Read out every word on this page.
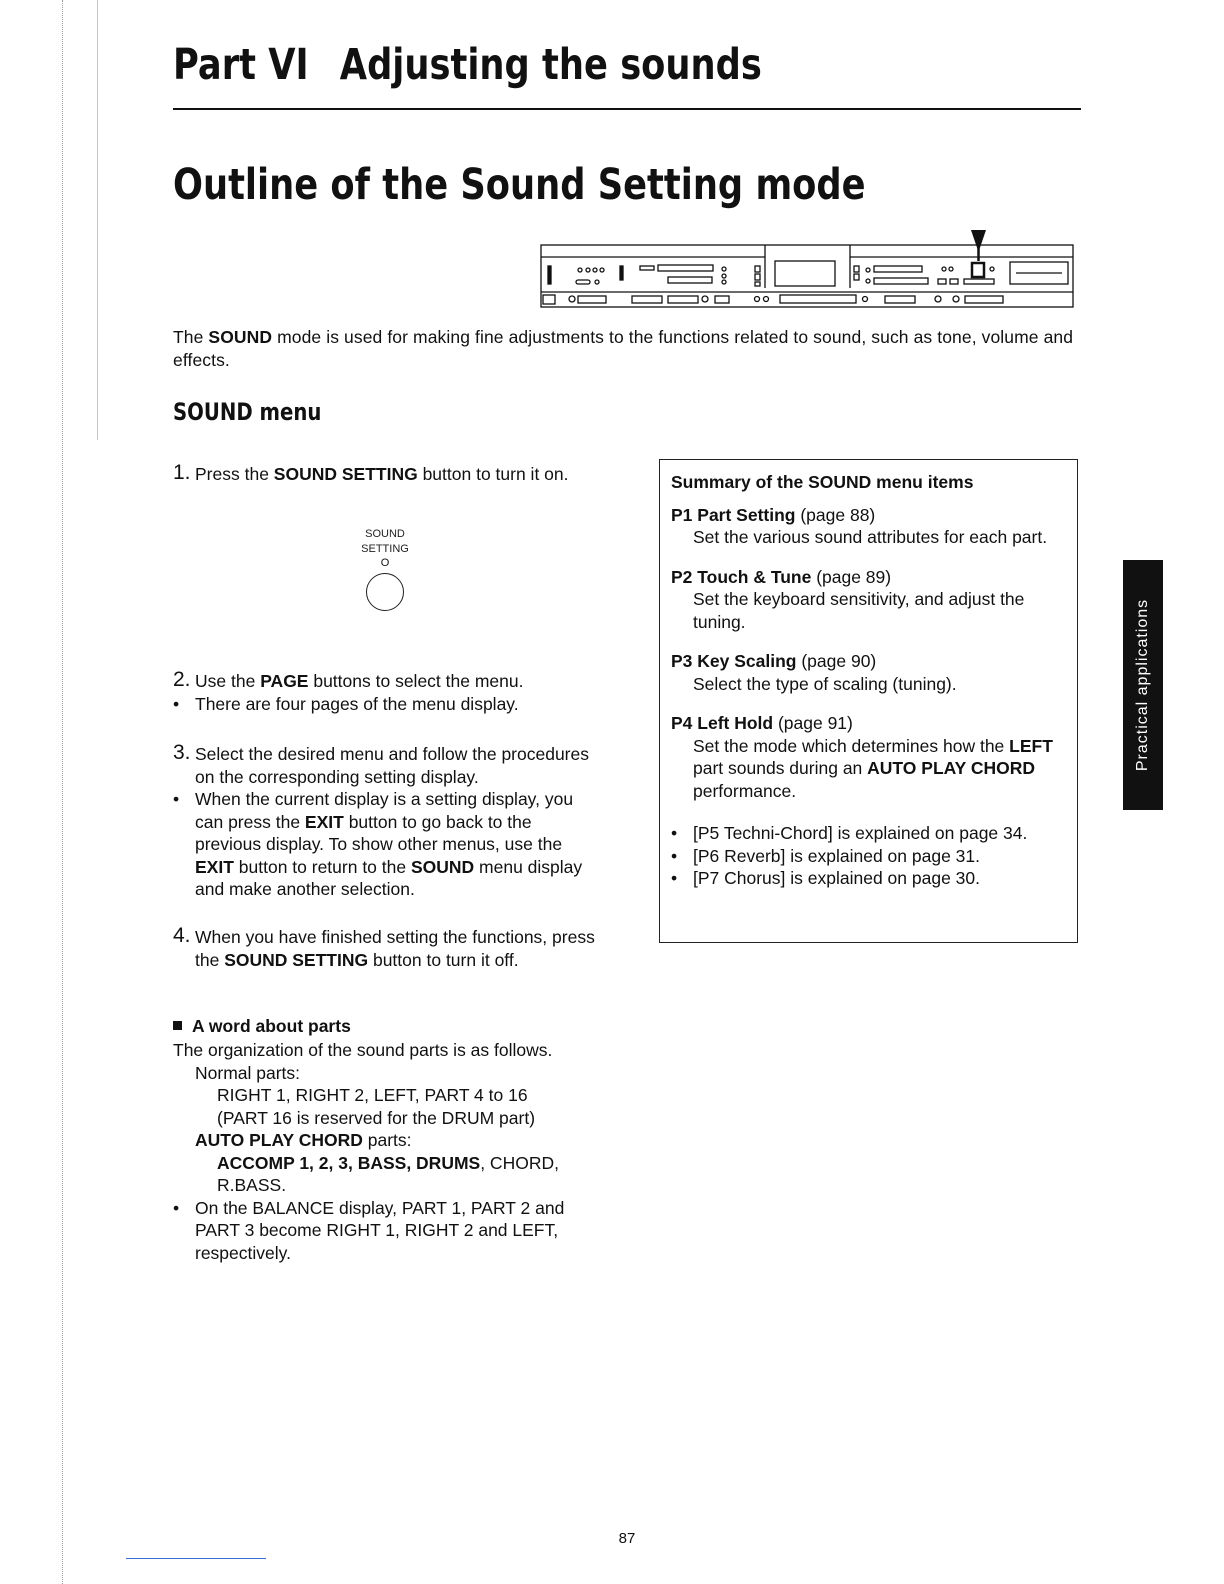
Part VI Adjusting the sounds
Outline of the Sound Setting mode
The SOUND mode is used for making fine adjustments to the functions related to sound, such as tone, volume and effects.
SOUND menu
1. Press the SOUND SETTING button to turn it on.
SOUND
SETTING
O
2. Use the PAGE buttons to select the menu.
• There are four pages of the menu display.
3. Select the desired menu and follow the procedures on the corresponding setting display.
• When the current display is a setting display, you can press the EXIT button to go back to the previous display. To show other menus, use the EXIT button to return to the SOUND menu display and make another selection.
4. When you have finished setting the functions, press the SOUND SETTING button to turn it off.
A word about parts
The organization of the sound parts is as follows.
Normal parts:
RIGHT 1, RIGHT 2, LEFT, PART 4 to 16
(PART 16 is reserved for the DRUM part)
AUTO PLAY CHORD parts:
ACCOMP 1, 2, 3, BASS, DRUMS, CHORD, R.BASS.
• On the BALANCE display, PART 1, PART 2 and PART 3 become RIGHT 1, RIGHT 2 and LEFT, respectively.
Summary of the SOUND menu items
P1 Part Setting (page 88)
Set the various sound attributes for each part.
P2 Touch & Tune (page 89)
Set the keyboard sensitivity, and adjust the tuning.
P3 Key Scaling (page 90)
Select the type of scaling (tuning).
P4 Left Hold (page 91)
Set the mode which determines how the LEFT part sounds during an AUTO PLAY CHORD performance.
• [P5 Techni-Chord] is explained on page 34.
• [P6 Reverb] is explained on page 31.
• [P7 Chorus] is explained on page 30.
Practical applications
87
